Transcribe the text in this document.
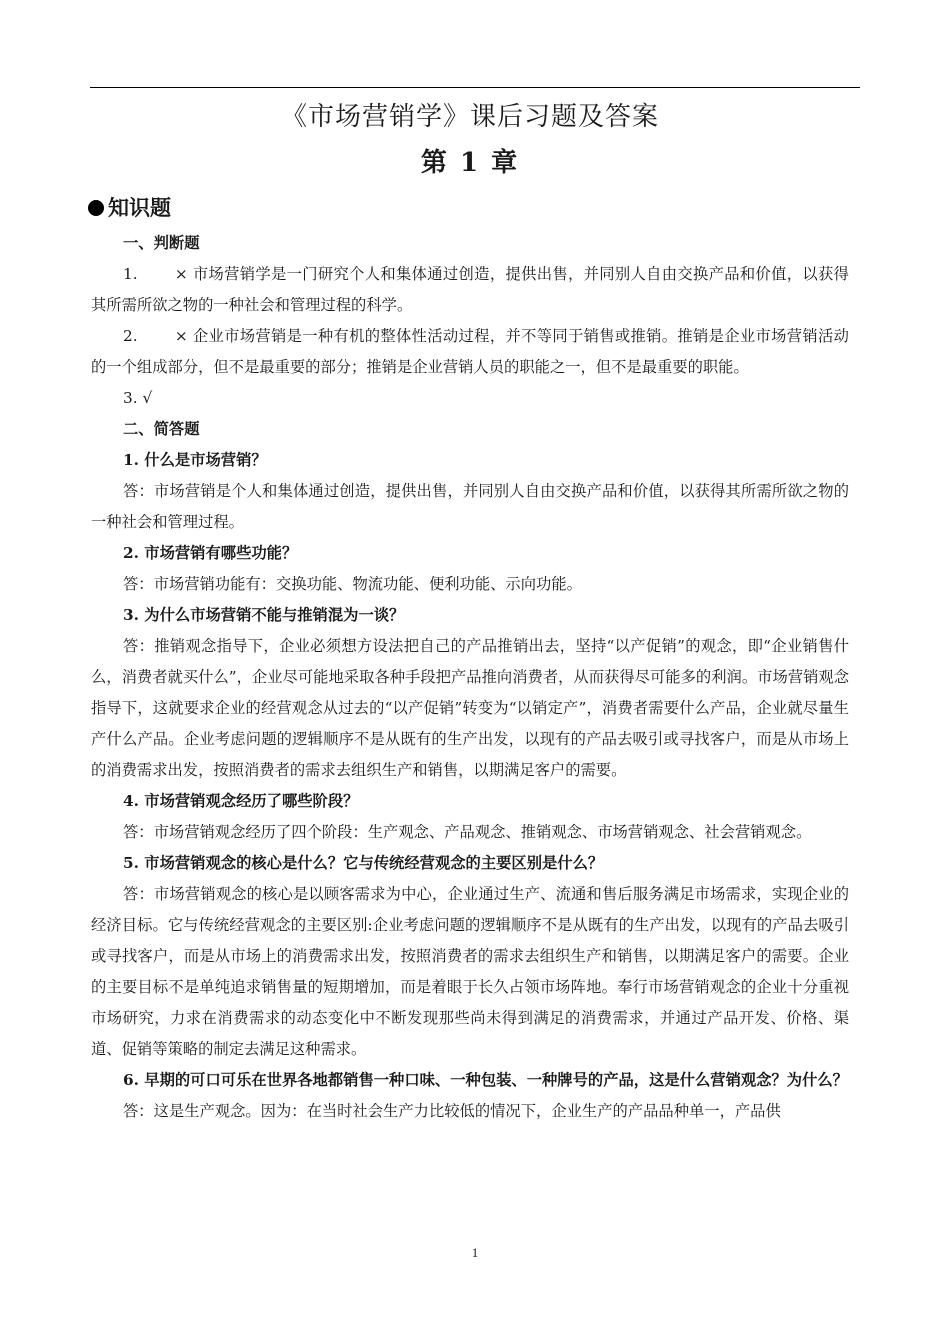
《市场营销学》课后习题及答案
第 1 章
知识题

一、判断题

1. × 市场营销学是一门研究个人和集体通过创造，提供出售，并同别人自由交换产品和价值，以获得其所需所欲之物的一种社会和管理过程的科学。

2. × 企业市场营销是一种有机的整体性活动过程，并不等同于销售或推销。推销是企业市场营销活动的一个组成部分，但不是最重要的部分；推销是企业营销人员的职能之一，但不是最重要的职能。

3. √

二、简答题

1. 什么是市场营销？

答：市场营销是个人和集体通过创造，提供出售，并同别人自由交换产品和价值，以获得其所需所欲之物的一种社会和管理过程。

2. 市场营销有哪些功能？

答：市场营销功能有：交换功能、物流功能、便利功能、示向功能。

3. 为什么市场营销不能与推销混为一谈？

答：推销观念指导下，企业必须想方设法把自己的产品推销出去，坚持“以产促销”的观念，即“企业销售什么，消费者就买什么”，企业尽可能地采取各种手段把产品推向消费者，从而获得尽可能多的利润。市场营销观念指导下，这就要求企业的经营观念从过去的“以产促销”转变为“以销定产”，消费者需要什么产品，企业就尽量生产什么产品。企业考虑问题的逻辑顺序不是从既有的生产出发，以现有的产品去吸引或寻找客户，而是从市场上的消费需求出发，按照消费者的需求去组织生产和销售，以期满足客户的需要。

4. 市场营销观念经历了哪些阶段？

答：市场营销观念经历了四个阶段：生产观念、产品观念、推销观念、市场营销观念、社会营销观念。

5. 市场营销观念的核心是什么？它与传统经营观念的主要区别是什么？

答：市场营销观念的核心是以顾客需求为中心，企业通过生产、流通和售后服务满足市场需求，实现企业的经济目标。它与传统经营观念的主要区别:企业考虑问题的逻辑顺序不是从既有的生产出发，以现有的产品去吸引或寻找客户，而是从市场上的消费需求出发，按照消费者的需求去组织生产和销售，以期满足客户的需要。企业的主要目标不是单纯追求销售量的短期增加，而是着眼于长久占领市场阵地。奉行市场营销观念的企业十分重视市场研究，力求在消费需求的动态变化中不断发现那些尚未得到满足的消费需求，并通过产品开发、价格、渠道、促销等策略的制定去满足这种需求。

6. 早期的可口可乐在世界各地都销售一种口味、一种包装、一种牌号的产品，这是什么营销观念？为什么？

答：这是生产观念。因为：在当时社会生产力比较低的情况下，企业生产的产品品种单一，产品供

1
